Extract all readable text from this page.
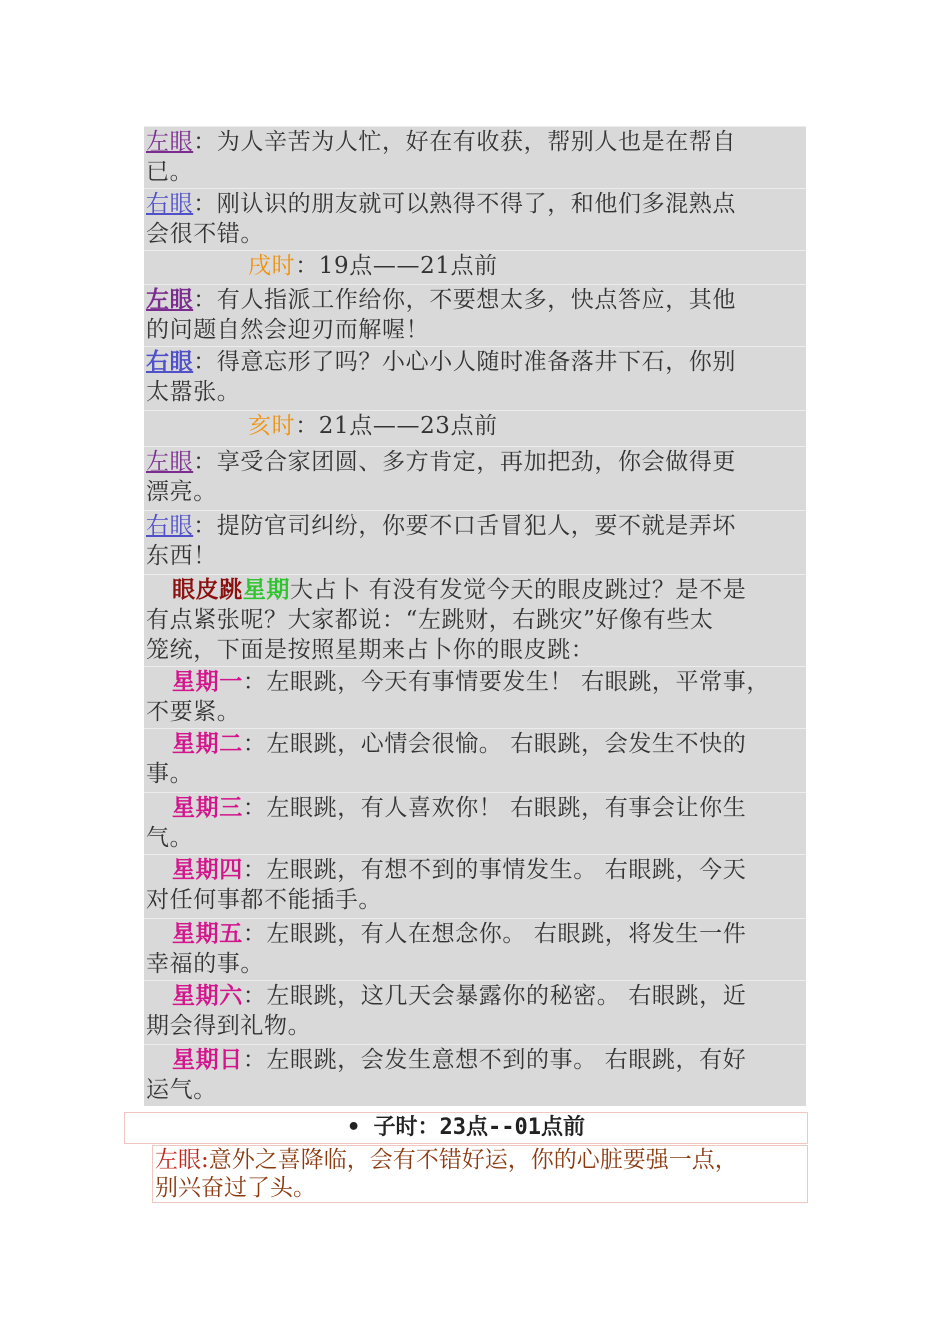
左眼：为人辛苦为人忙，好在有收获，帮别人也是在帮自

已。

右眼：刚认识的朋友就可以熟得不得了，和他们多混熟点

会很不错。

戌时：19点——21点前

左眼：有人指派工作给你，不要想太多，快点答应，其他

的问题自然会迎刃而解喔！

右眼：得意忘形了吗？小心小人随时准备落井下石，你别

太嚣张。

亥时：21点——23点前

左眼：享受合家团圆、多方肯定，再加把劲，你会做得更

漂亮。

右眼：提防官司纠纷，你要不口舌冒犯人，要不就是弄坏

东西！

眼皮跳星期大占卜 有没有发觉今天的眼皮跳过？是不是

有点紧张呢？大家都说：“左跳财，右跳灾”好像有些太

笼统，下面是按照星期来占卜你的眼皮跳：

星期一：左眼跳，今天有事情要发生！ 右眼跳，平常事，

不要紧。

星期二：左眼跳，心情会很愉。 右眼跳，会发生不快的

事。

星期三：左眼跳，有人喜欢你！ 右眼跳，有事会让你生

气。

星期四：左眼跳，有想不到的事情发生。 右眼跳，今天

对任何事都不能插手。

星期五：左眼跳，有人在想念你。 右眼跳，将发生一件

幸福的事。

星期六：左眼跳，这几天会暴露你的秘密。 右眼跳，近

期会得到礼物。

星期日：左眼跳，会发生意想不到的事。 右眼跳，有好

运气。

• 子时：23点--01点前

左眼:意外之喜降临，会有不错好运，你的心脏要强一点，

别兴奋过了头。
